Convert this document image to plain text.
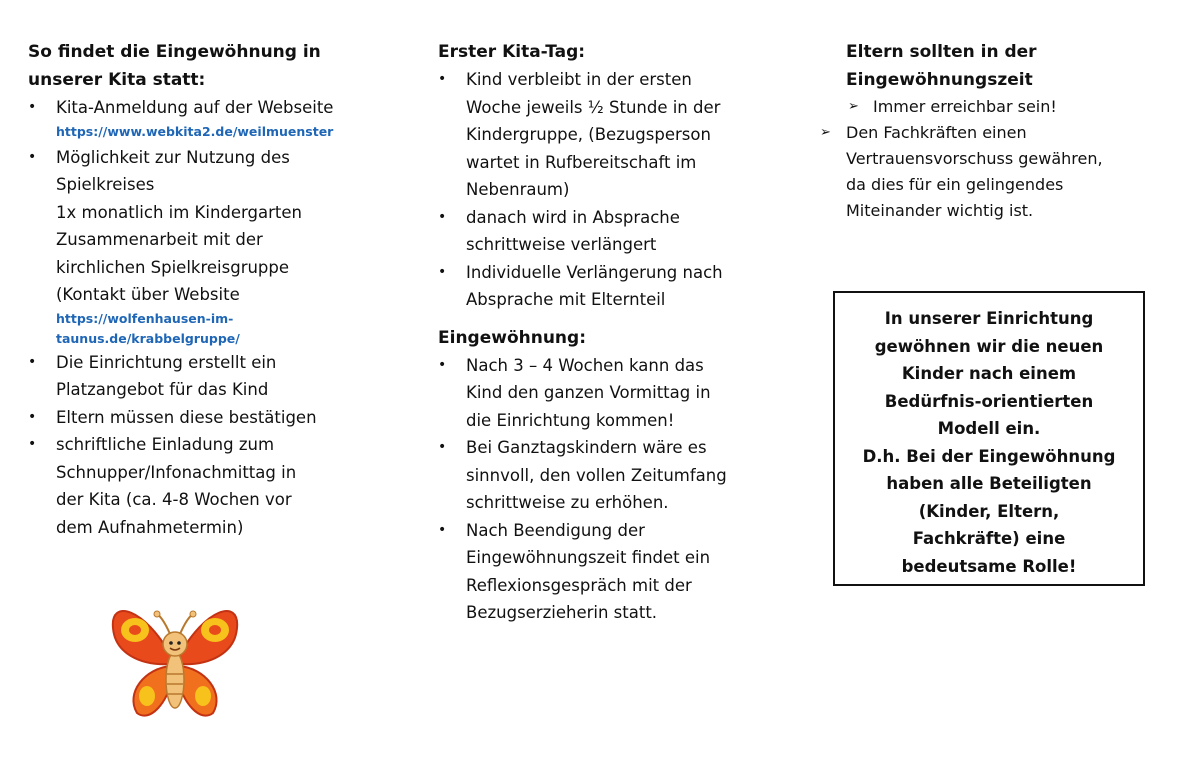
So findet die Eingewöhnung in
unserer Kita statt:

•	Kita-Anmeldung auf der Webseite
https://www.webkita2.de/weilmuenster
•	Möglichkeit zur Nutzung des
Spielkreises
1x monatlich im Kindergarten
Zusammenarbeit mit der
kirchlichen Spielkreisgruppe
(Kontakt über Website
https://wolfenhausen-im-
taunus.de/krabbelgruppe/
•	Die Einrichtung erstellt ein
Platzangebot für das Kind
•	Eltern müssen diese bestätigen
•	schriftliche Einladung zum
Schnupper/Infonachmittag in
der Kita (ca. 4-8 Wochen vor
dem Aufnahmetermin)

Erster Kita-Tag:

•	Kind verbleibt in der ersten
Woche jeweils ½ Stunde in der
Kindergruppe, (Bezugsperson
wartet in Rufbereitschaft im
Nebenraum)
•	danach wird in Absprache
schrittweise verlängert
•	Individuelle Verlängerung nach
Absprache mit Elternteil

Eingewöhnung:

•	Nach 3 – 4 Wochen kann das
Kind den ganzen Vormittag in
die Einrichtung kommen!
•	Bei Ganztagskindern wäre es
sinnvoll, den vollen Zeitumfang
schrittweise zu erhöhen.
•	Nach Beendigung der
Eingewöhnungszeit findet ein
Reflexionsgespräch mit der
Bezugserzieherin statt.

Eltern sollten in der
Eingewöhnungszeit

➢ Immer erreichbar sein!
➢ Den Fachkräften einen
Vertrauensvorschuss gewähren,
da dies für ein gelingendes
Miteinander wichtig ist.
In unserer Einrichtung
gewöhnen wir die neuen
Kinder nach einem
Bedürfnis-orientierten
Modell ein.
D.h. Bei der Eingewöhnung
haben alle Beteiligten
(Kinder, Eltern,
Fachkräfte) eine
bedeutsame Rolle!
